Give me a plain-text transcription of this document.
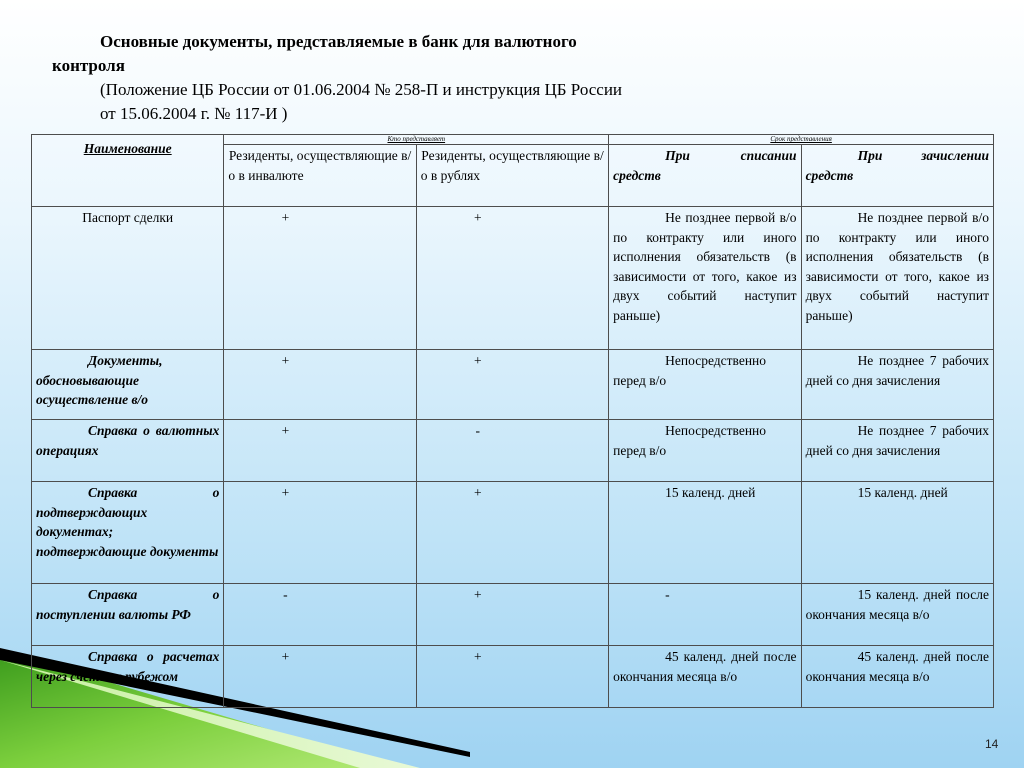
Основные документы, представляемые в банк для валютного
контроля
(Положение ЦБ России от 01.06.2004 № 258-П и инструкция ЦБ России
от 15.06.2004 г. № 117-И )
Наименование	Кто представляет		Срок представления	

	Резиденты, осуществляющие в/о в инвалюте	Резиденты, осуществляющие в/о в рублях	При списании средств	При зачислении средств
Паспорт сделки	+	+	Не позднее первой в/о по контракту или иного исполнения обязательств (в зависимости от того, какое из двух событий наступит раньше)	Не позднее первой в/о по контракту или иного исполнения обязательств (в зависимости от того, какое из двух событий наступит раньше)
Документы, обосновывающие осуществление в/о	+	+	Непосредственно перед в/о	Не позднее 7 рабочих дней со дня зачисления
Справка о валютных операциях	+	-	Непосредственно перед в/о	Не позднее 7 рабочих дней со дня зачисления
Справка о подтверждающих документах; подтверждающие документы	+	+	15 календ. дней	15 календ. дней
Справка о поступлении валюты РФ	-	+	-	15 календ. дней после окончания месяца в/о
Справка о расчетах через счета за рубежом	+	+	45 календ. дней после окончания месяца в/о	45 календ. дней после окончания месяца в/о
14
